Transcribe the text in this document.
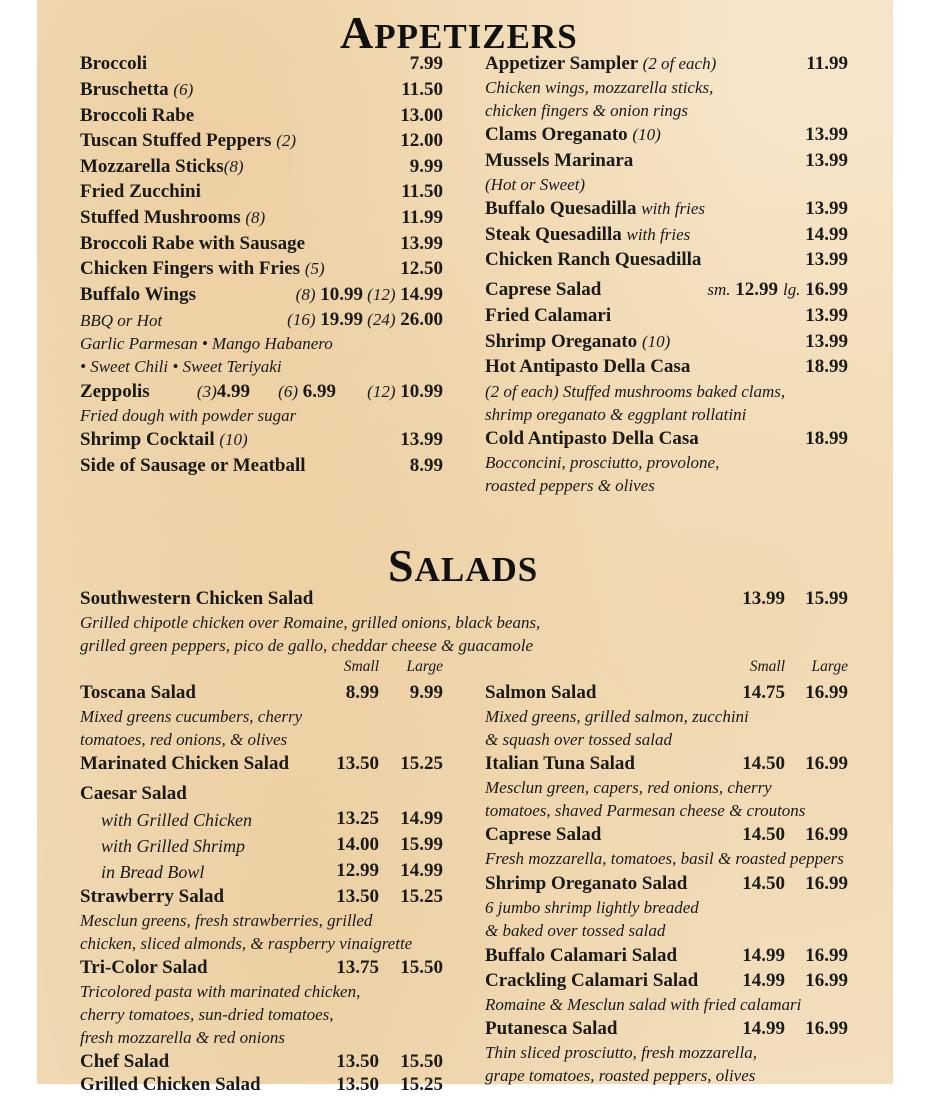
APPETIZERS
Broccoli	7.99
Bruschetta (6)	11.50
Broccoli Rabe	13.00
Tuscan Stuffed Peppers (2)	12.00
Mozzarella Sticks(8)	9.99
Fried Zucchini	11.50
Stuffed Mushrooms (8)	11.99
Broccoli Rabe with Sausage	13.99
Chicken Fingers with Fries (5)	12.50
Buffalo Wings	(8) 10.99 (12) 14.99
BBQ or Hot	(16) 19.99 (24) 26.00
Garlic Parmesan • Mango Habanero
• Sweet Chili • Sweet Teriyaki
Zeppolis	(3)4.99 (6) 6.99 (12) 10.99
Fried dough with powder sugar
Shrimp Cocktail (10)	13.99
Side of Sausage or Meatball	8.99
Appetizer Sampler (2 of each)	11.99
Chicken wings, mozzarella sticks,
chicken fingers & onion rings
Clams Oreganato (10)	13.99
Mussels Marinara	13.99
(Hot or Sweet)
Buffalo Quesadilla with fries	13.99
Steak Quesadilla with fries	14.99
Chicken Ranch Quesadilla	13.99
Caprese Salad	sm. 12.99 lg. 16.99
Fried Calamari	13.99
Shrimp Oreganato (10)	13.99
Hot Antipasto Della Casa	18.99
(2 of each) Stuffed mushrooms baked clams,
shrimp oreganato & eggplant rollatini
Cold Antipasto Della Casa	18.99
Bocconcini, prosciutto, provolone,
roasted peppers & olives
SALADS
Southwestern Chicken Salad	13.99 15.99
Grilled chipotle chicken over Romaine, grilled onions, black beans,
grilled green peppers, pico de gallo, cheddar cheese & guacamole
Small Large	Small Large
Toscana Salad	8.99 9.99
Mixed greens cucumbers, cherry
tomatoes, red onions, & olives
Marinated Chicken Salad 13.50 15.25
Caesar Salad
with Grilled Chicken	13.25 14.99
with Grilled Shrimp	14.00 15.99
in Bread Bowl	12.99 14.99
Strawberry Salad	13.50 15.25
Mesclun greens, fresh strawberries, grilled
chicken, sliced almonds, & raspberry vinaigrette
Tri-Color Salad	13.75 15.50
Tricolored pasta with marinated chicken,
cherry tomatoes, sun-dried tomatoes,
fresh mozzarella & red onions
Chef Salad	13.50 15.50
Grilled Chicken Salad	13.50 15.25
Salmon Salad	14.75 16.99
Mixed greens, grilled salmon, zucchini
& squash over tossed salad
Italian Tuna Salad	14.50 16.99
Mesclun green, capers, red onions, cherry
tomatoes, shaved Parmesan cheese & croutons
Caprese Salad	14.50 16.99
Fresh mozzarella, tomatoes, basil & roasted peppers
Shrimp Oreganato Salad	14.50 16.99
6 jumbo shrimp lightly breaded
& baked over tossed salad
Buffalo Calamari Salad	14.99 16.99
Crackling Calamari Salad 14.99 16.99
Romaine & Mesclun salad with fried calamari
Putanesca Salad	14.99 16.99
Thin sliced prosciutto, fresh mozzarella,
grape tomatoes, roasted peppers, olives
